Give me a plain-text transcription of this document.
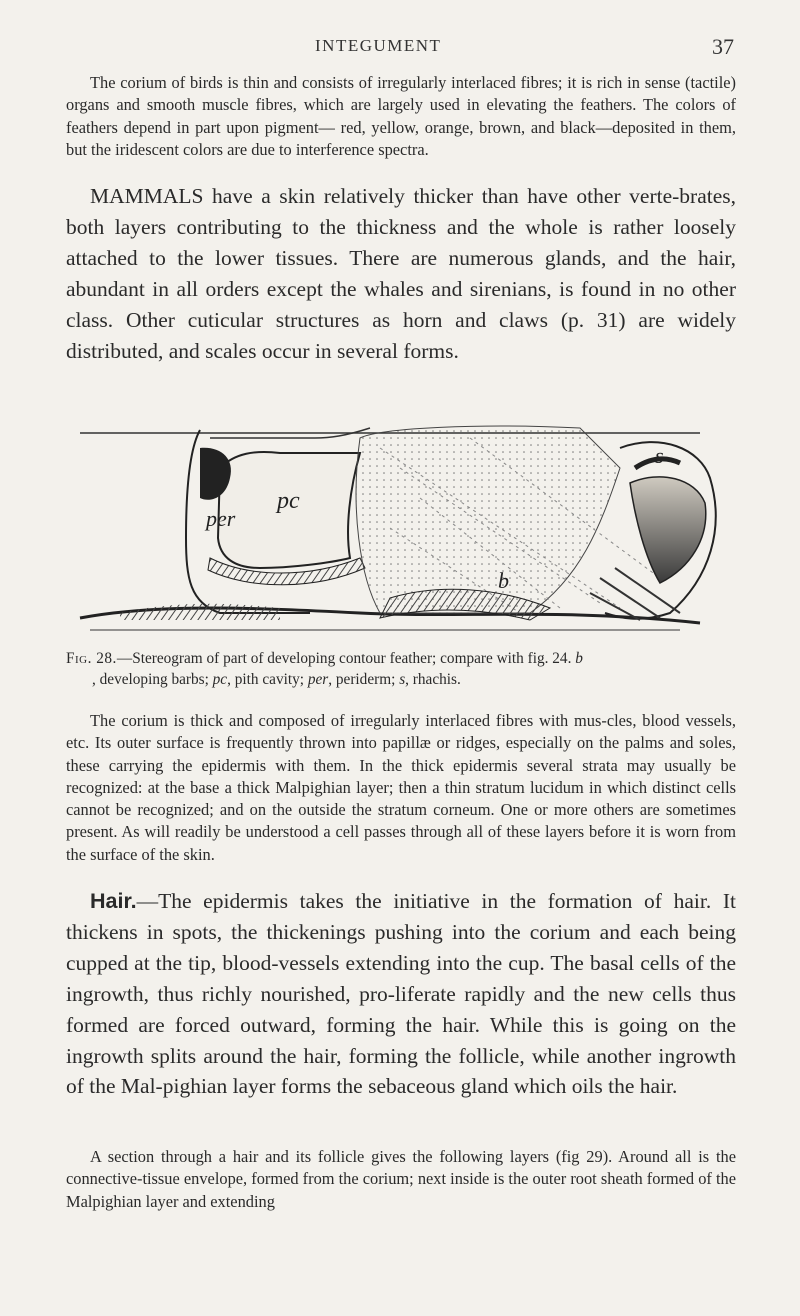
INTEGUMENT	37

The corium of birds is thin and consists of irregularly interlaced fibres; it is rich in sense (tactile) organs and smooth muscle fibres, which are largely used in elevating the feathers. The colors of feathers depend in part upon pigment— red, yellow, orange, brown, and black—deposited in them, but the iridescent colors are due to interference spectra.

MAMMALS have a skin relatively thicker than have other verte-brates, both layers contributing to the thickness and the whole is rather loosely attached to the lower tissues. There are numerous glands, and the hair, abundant in all orders except the whales and sirenians, is found in no other class. Other cuticular structures as horn and claws (p. 31) are widely distributed, and scales occur in several forms.

pc
per
s
b

Fig. 28.—Stereogram of part of developing contour feather; compare with fig. 24. b
, developing barbs; pc, pith cavity; per, periderm; s, rhachis.

The corium is thick and composed of irregularly interlaced fibres with mus-cles, blood vessels, etc. Its outer surface is frequently thrown into papillæ or ridges, especially on the palms and soles, these carrying the epidermis with them. In the thick epidermis several strata may usually be recognized: at the base a thick Malpighian layer; then a thin stratum lucidum in which distinct cells cannot be recognized; and on the outside the stratum corneum. One or more others are sometimes present. As will readily be understood a cell passes through all of these layers before it is worn from the surface of the skin.

Hair.—The epidermis takes the initiative in the formation of hair. It thickens in spots, the thickenings pushing into the corium and each being cupped at the tip, blood-vessels extending into the cup. The basal cells of the ingrowth, thus richly nourished, pro-liferate rapidly and the new cells thus formed are forced outward, forming the hair. While this is going on the ingrowth splits around the hair, forming the follicle, while another ingrowth of the Mal-pighian layer forms the sebaceous gland which oils the hair.

A section through a hair and its follicle gives the following layers (fig 29). Around all is the connective-tissue envelope, formed from the corium; next inside is the outer root sheath formed of the Malpighian layer and extending
